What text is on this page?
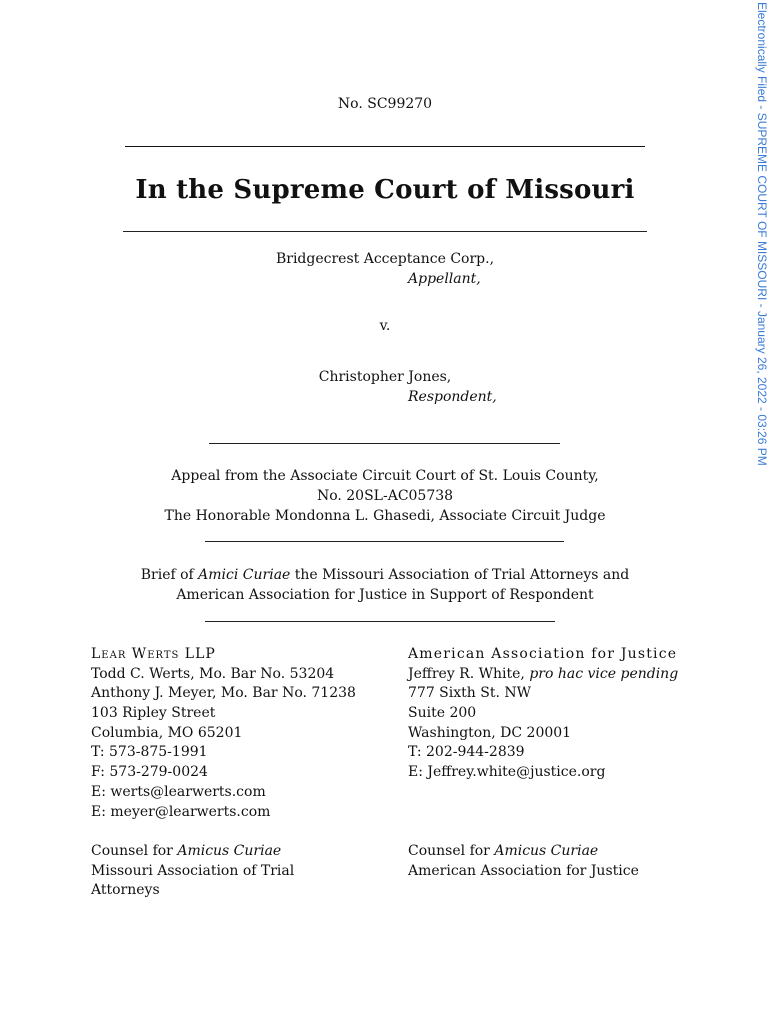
No. SC99270
In the Supreme Court of Missouri
Bridgecrest Acceptance Corp.,
Appellant,
v.
Christopher Jones,
Respondent,
Appeal from the Associate Circuit Court of St. Louis County,
No. 20SL-AC05738
The Honorable Mondonna L. Ghasedi, Associate Circuit Judge
Brief of Amici Curiae the Missouri Association of Trial Attorneys and
American Association for Justice in Support of Respondent
Lear Werts LLP
Todd C. Werts, Mo. Bar No. 53204
Anthony J. Meyer, Mo. Bar No. 71238
103 Ripley Street
Columbia, MO 65201
T: 573-875-1991
F: 573-279-0024
E: werts@learwerts.com
E: meyer@learwerts.com
Counsel for Amicus Curiae
Missouri Association of Trial
Attorneys
American Association for Justice
Jeffrey R. White, pro hac vice pending
777 Sixth St. NW
Suite 200
Washington, DC 20001
T: 202-944-2839
E: Jeffrey.white@justice.org
Counsel for Amicus Curiae
American Association for Justice
Electronically Filed - SUPREME COURT OF MISSOURI - January 26, 2022 - 03:26 PM
